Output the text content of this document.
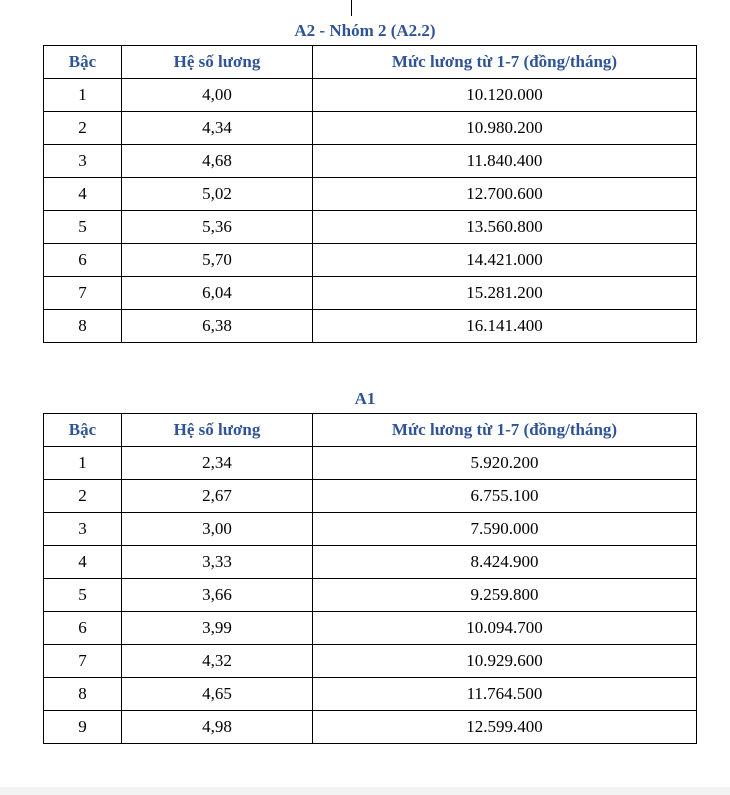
A2 - Nhóm 2 (A2.2)
Bậc	Hệ số lương	Mức lương từ 1-7 (đồng/tháng)
1	4,00	10.120.000
2	4,34	10.980.200
3	4,68	11.840.400
4	5,02	12.700.600
5	5,36	13.560.800
6	5,70	14.421.000
7	6,04	15.281.200
8	6,38	16.141.400
A1
Bậc	Hệ số lương	Mức lương từ 1-7 (đồng/tháng)
1	2,34	5.920.200
2	2,67	6.755.100
3	3,00	7.590.000
4	3,33	8.424.900
5	3,66	9.259.800
6	3,99	10.094.700
7	4,32	10.929.600
8	4,65	11.764.500
9	4,98	12.599.400
